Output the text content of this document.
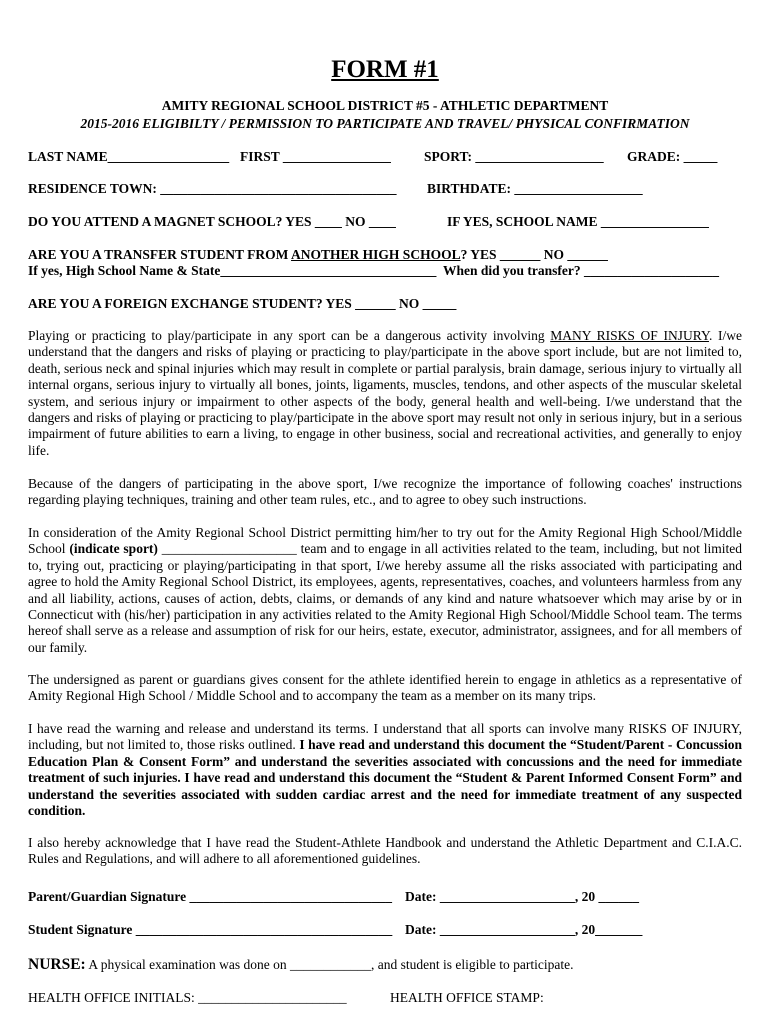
FORM #1
AMITY REGIONAL SCHOOL DISTRICT #5 - ATHLETIC DEPARTMENT
2015-2016 ELIGIBILTY / PERMISSION TO PARTICIPATE AND TRAVEL/ PHYSICAL CONFIRMATION
LAST NAME__________________ FIRST ________________ SPORT: ___________________ GRADE: _____
RESIDENCE TOWN: ___________________________________ BIRTHDATE: ___________________
DO YOU ATTEND A MAGNET SCHOOL? YES ____ NO ____	IF YES, SCHOOL NAME ________________
ARE YOU A TRANSFER STUDENT FROM ANOTHER HIGH SCHOOL? YES ______ NO ______
If yes, High School Name & State________________________________ When did you transfer? ____________________
ARE YOU A FOREIGN EXCHANGE STUDENT? YES ______ NO _____
Playing or practicing to play/participate in any sport can be a dangerous activity involving MANY RISKS OF INJURY. I/we understand that the dangers and risks of playing or practicing to play/participate in the above sport include, but are not limited to, death, serious neck and spinal injuries which may result in complete or partial paralysis, brain damage, serious injury to virtually all internal organs, serious injury to virtually all bones, joints, ligaments, muscles, tendons, and other aspects of the muscular skeletal system, and serious injury or impairment to other aspects of the body, general health and well-being. I/we understand that the dangers and risks of playing or practicing to play/participate in the above sport may result not only in serious injury, but in a serious impairment of future abilities to earn a living, to engage in other business, social and recreational activities, and generally to enjoy life.
Because of the dangers of participating in the above sport, I/we recognize the importance of following coaches' instructions regarding playing techniques, training and other team rules, etc., and to agree to obey such instructions.
In consideration of the Amity Regional School District permitting him/her to try out for the Amity Regional High School/Middle School (indicate sport) ____________________ team and to engage in all activities related to the team, including, but not limited to, trying out, practicing or playing/participating in that sport, I/we hereby assume all the risks associated with participating and agree to hold the Amity Regional School District, its employees, agents, representatives, coaches, and volunteers harmless from any and all liability, actions, causes of action, debts, claims, or demands of any kind and nature whatsoever which may arise by or in Connecticut with (his/her) participation in any activities related to the Amity Regional High School/Middle School team. The terms hereof shall serve as a release and assumption of risk for our heirs, estate, executor, administrator, assignees, and for all members of our family.
The undersigned as parent or guardians gives consent for the athlete identified herein to engage in athletics as a representative of Amity Regional High School / Middle School and to accompany the team as a member on its many trips.
I have read the warning and release and understand its terms. I understand that all sports can involve many RISKS OF INJURY, including, but not limited to, those risks outlined. I have read and understand this document the “Student/Parent - Concussion Education Plan & Consent Form” and understand the severities associated with concussions and the need for immediate treatment of such injuries. I have read and understand this document the “Student & Parent Informed Consent Form” and understand the severities associated with sudden cardiac arrest and the need for immediate treatment of any suspected condition.
I also hereby acknowledge that I have read the Student-Athlete Handbook and understand the Athletic Department and C.I.A.C. Rules and Regulations, and will adhere to all aforementioned guidelines.
Parent/Guardian Signature ______________________________ Date: ____________________, 20 ______
Student Signature ______________________________________ Date: ____________________, 20_______
NURSE: A physical examination was done on ____________, and student is eligible to participate.
HEALTH OFFICE INITIALS: ______________________	HEALTH OFFICE STAMP:
